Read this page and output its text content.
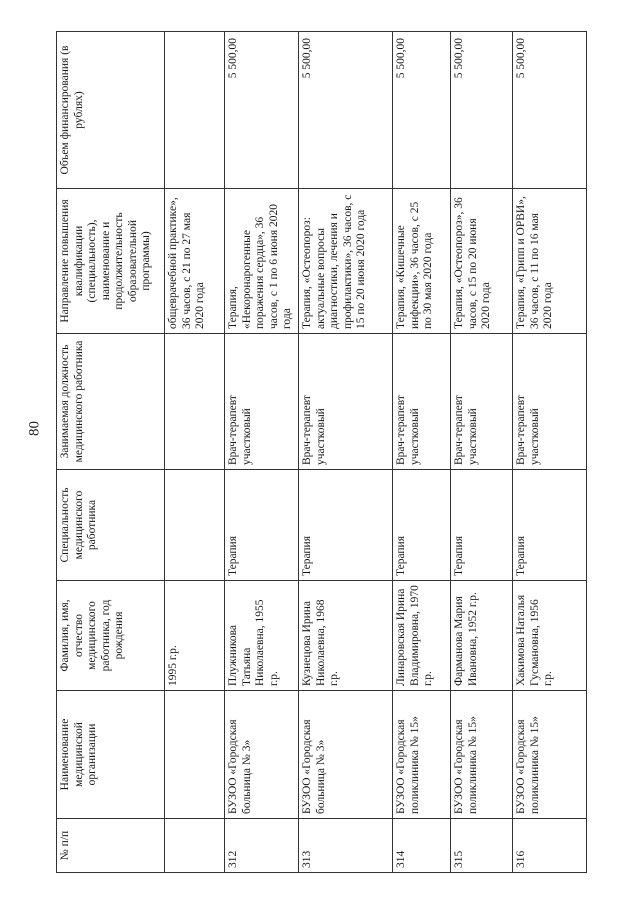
80
№ п/п	Наименование медицинской организации	Фамилия, имя, отчество медицинского работника, год рождения	Специальность медицинского работника	Занимаемая должность медицинского работника	Направление повышения квалификации (специальность), наименование и продолжительность образовательной программы)	Объем финансирования (в рублях)
		1995 г.р.			общеврачебной практике», 36 часов, с 21 по 27 мая 2020 года	
312	БУЗОО «Городская больница № 3»	Плужникова Татьяна Николаевна, 1955 г.р.	Терапия	Врач-терапевт участковый	Терапия, «Некоронарогенные поражения сердца», 36 часов, с 1 по 6 июня 2020 года	5 500,00
313	БУЗОО «Городская больница № 3»	Кузнецова Ирина Николаевна, 1968 г.р.	Терапия	Врач-терапевт участковый	Терапия, «Остеопороз: актуальные вопросы диагностики, лечения и профилактики», 36 часов, с 15 по 20 июня 2020 года	5 500,00
314	БУЗОО «Городская поликлиника № 15»	Линаровская Ирина Владимировна, 1970 г.р.	Терапия	Врач-терапевт участковый	Терапия, «Кишечные инфекции», 36 часов, с 25 по 30 мая 2020 года	5 500,00
315	БУЗОО «Городская поликлиника № 15»	Фарманова Мария Ивановна, 1952 г.р.	Терапия	Врач-терапевт участковый	Терапия, «Остеопороз», 36 часов, с 15 по 20 июня 2020 года	5 500,00
316	БУЗОО «Городская поликлиника № 15»	Хакимова Наталья Гусмановна, 1956 г.р.	Терапия	Врач-терапевт участковый	Терапия, «Грипп и ОРВИ», 36 часов, с 11 по 16 мая 2020 года	5 500,00
